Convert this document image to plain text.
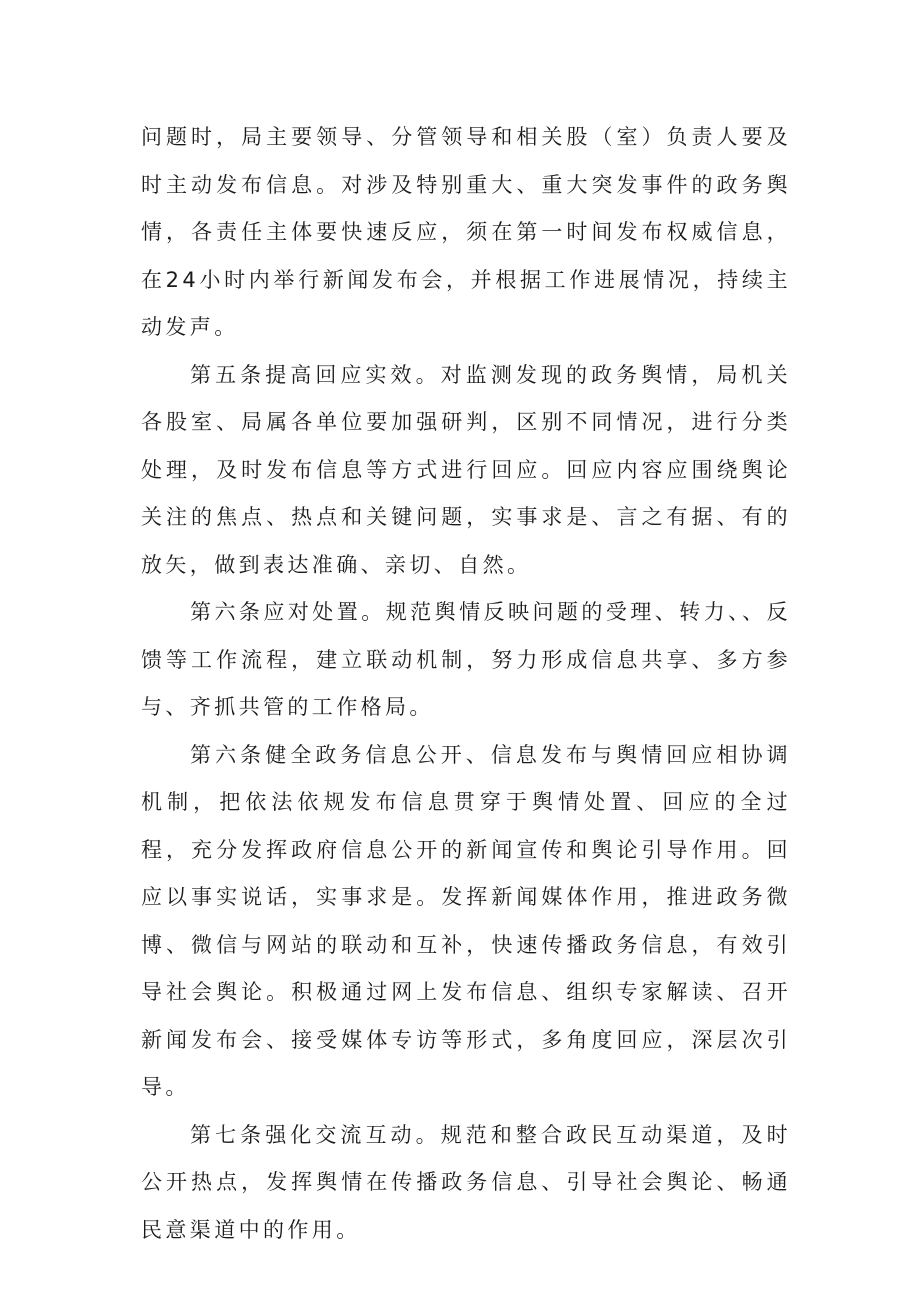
问题时，局主要领导、分管领导和相关股（室）负责人要及时主动发布信息。对涉及特别重大、重大突发事件的政务舆情，各责任主体要快速反应，须在第一时间发布权威信息，在24小时内举行新闻发布会，并根据工作进展情况，持续主动发声。

第五条提高回应实效。对监测发现的政务舆情，局机关各股室、局属各单位要加强研判，区别不同情况，进行分类处理，及时发布信息等方式进行回应。回应内容应围绕舆论关注的焦点、热点和关键问题，实事求是、言之有据、有的放矢，做到表达准确、亲切、自然。

第六条应对处置。规范舆情反映问题的受理、转力、、反馈等工作流程，建立联动机制，努力形成信息共享、多方参与、齐抓共管的工作格局。

第六条健全政务信息公开、信息发布与舆情回应相协调机制，把依法依规发布信息贯穿于舆情处置、回应的全过程，充分发挥政府信息公开的新闻宣传和舆论引导作用。回应以事实说话，实事求是。发挥新闻媒体作用，推进政务微博、微信与网站的联动和互补，快速传播政务信息，有效引导社会舆论。积极通过网上发布信息、组织专家解读、召开新闻发布会、接受媒体专访等形式，多角度回应，深层次引导。

第七条强化交流互动。规范和整合政民互动渠道，及时公开热点，发挥舆情在传播政务信息、引导社会舆论、畅通民意渠道中的作用。
